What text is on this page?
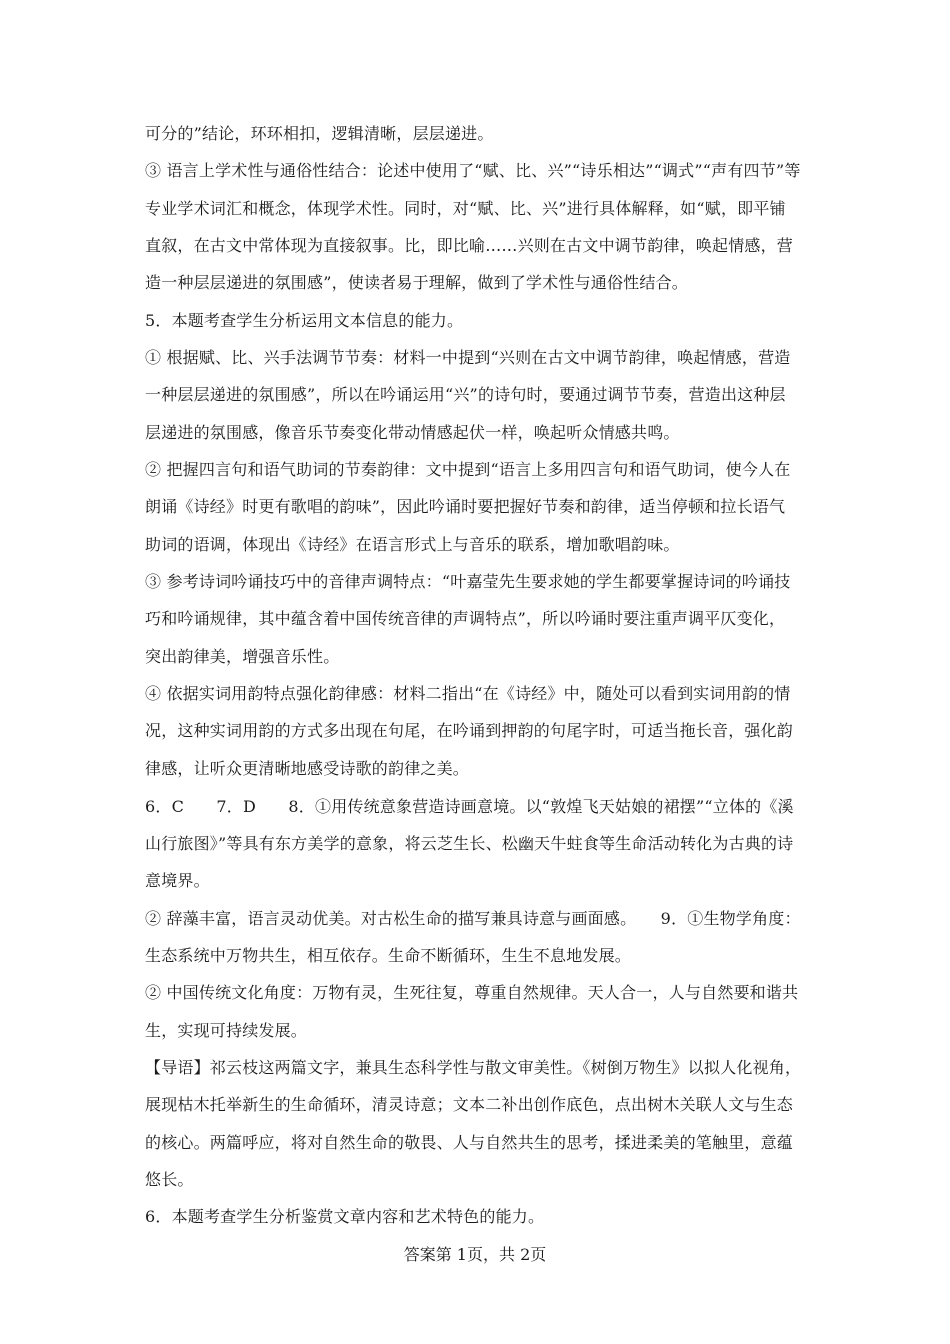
可分的”结论，环环相扣，逻辑清晰，层层递进。
③ 语言上学术性与通俗性结合：论述中使用了“赋、比、兴”“诗乐相达”“调式”“声有四节”等
专业学术词汇和概念，体现学术性。同时，对“赋、比、兴”进行具体解释，如“赋，即平铺
直叙，在古文中常体现为直接叙事。比，即比喻……兴则在古文中调节韵律，唤起情感，营
造一种层层递进的氛围感”，使读者易于理解，做到了学术性与通俗性结合。
5．本题考查学生分析运用文本信息的能力。
① 根据赋、比、兴手法调节节奏：材料一中提到“兴则在古文中调节韵律，唤起情感，营造
一种层层递进的氛围感”，所以在吟诵运用“兴”的诗句时，要通过调节节奏，营造出这种层
层递进的氛围感，像音乐节奏变化带动情感起伏一样，唤起听众情感共鸣。
② 把握四言句和语气助词的节奏韵律：文中提到“语言上多用四言句和语气助词，使今人在
朗诵《诗经》时更有歌唱的韵味”，因此吟诵时要把握好节奏和韵律，适当停顿和拉长语气
助词的语调，体现出《诗经》在语言形式上与音乐的联系，增加歌唱韵味。
③ 参考诗词吟诵技巧中的音律声调特点：“叶嘉莹先生要求她的学生都要掌握诗词的吟诵技
巧和吟诵规律，其中蕴含着中国传统音律的声调特点”，所以吟诵时要注重声调平仄变化，
突出韵律美，增强音乐性。
④ 依据实词用韵特点强化韵律感：材料二指出“在《诗经》中，随处可以看到实词用韵的情
况，这种实词用韵的方式多出现在句尾，在吟诵到押韵的句尾字时，可适当拖长音，强化韵
律感，让听众更清晰地感受诗歌的韵律之美。
6．C　　7．D　　8．①用传统意象营造诗画意境。以“敦煌飞天姑娘的裙摆”“立体的《溪
山行旅图》”等具有东方美学的意象，将云芝生长、松幽天牛蛀食等生命活动转化为古典的诗
意境界。
② 辞藻丰富，语言灵动优美。对古松生命的描写兼具诗意与画面感。　　9．①生物学角度：
生态系统中万物共生，相互依存。生命不断循环，生生不息地发展。
② 中国传统文化角度：万物有灵，生死往复，尊重自然规律。天人合一，人与自然要和谐共
生，实现可持续发展。
【导语】祁云枝这两篇文字，兼具生态科学性与散文审美性。《树倒万物生》以拟人化视角，
展现枯木托举新生的生命循环，清灵诗意；文本二补出创作底色，点出树木关联人文与生态
的核心。两篇呼应，将对自然生命的敬畏、人与自然共生的思考，揉进柔美的笔触里，意蕴
悠长。
6．本题考查学生分析鉴赏文章内容和艺术特色的能力。
答案第 1页，共 2页
